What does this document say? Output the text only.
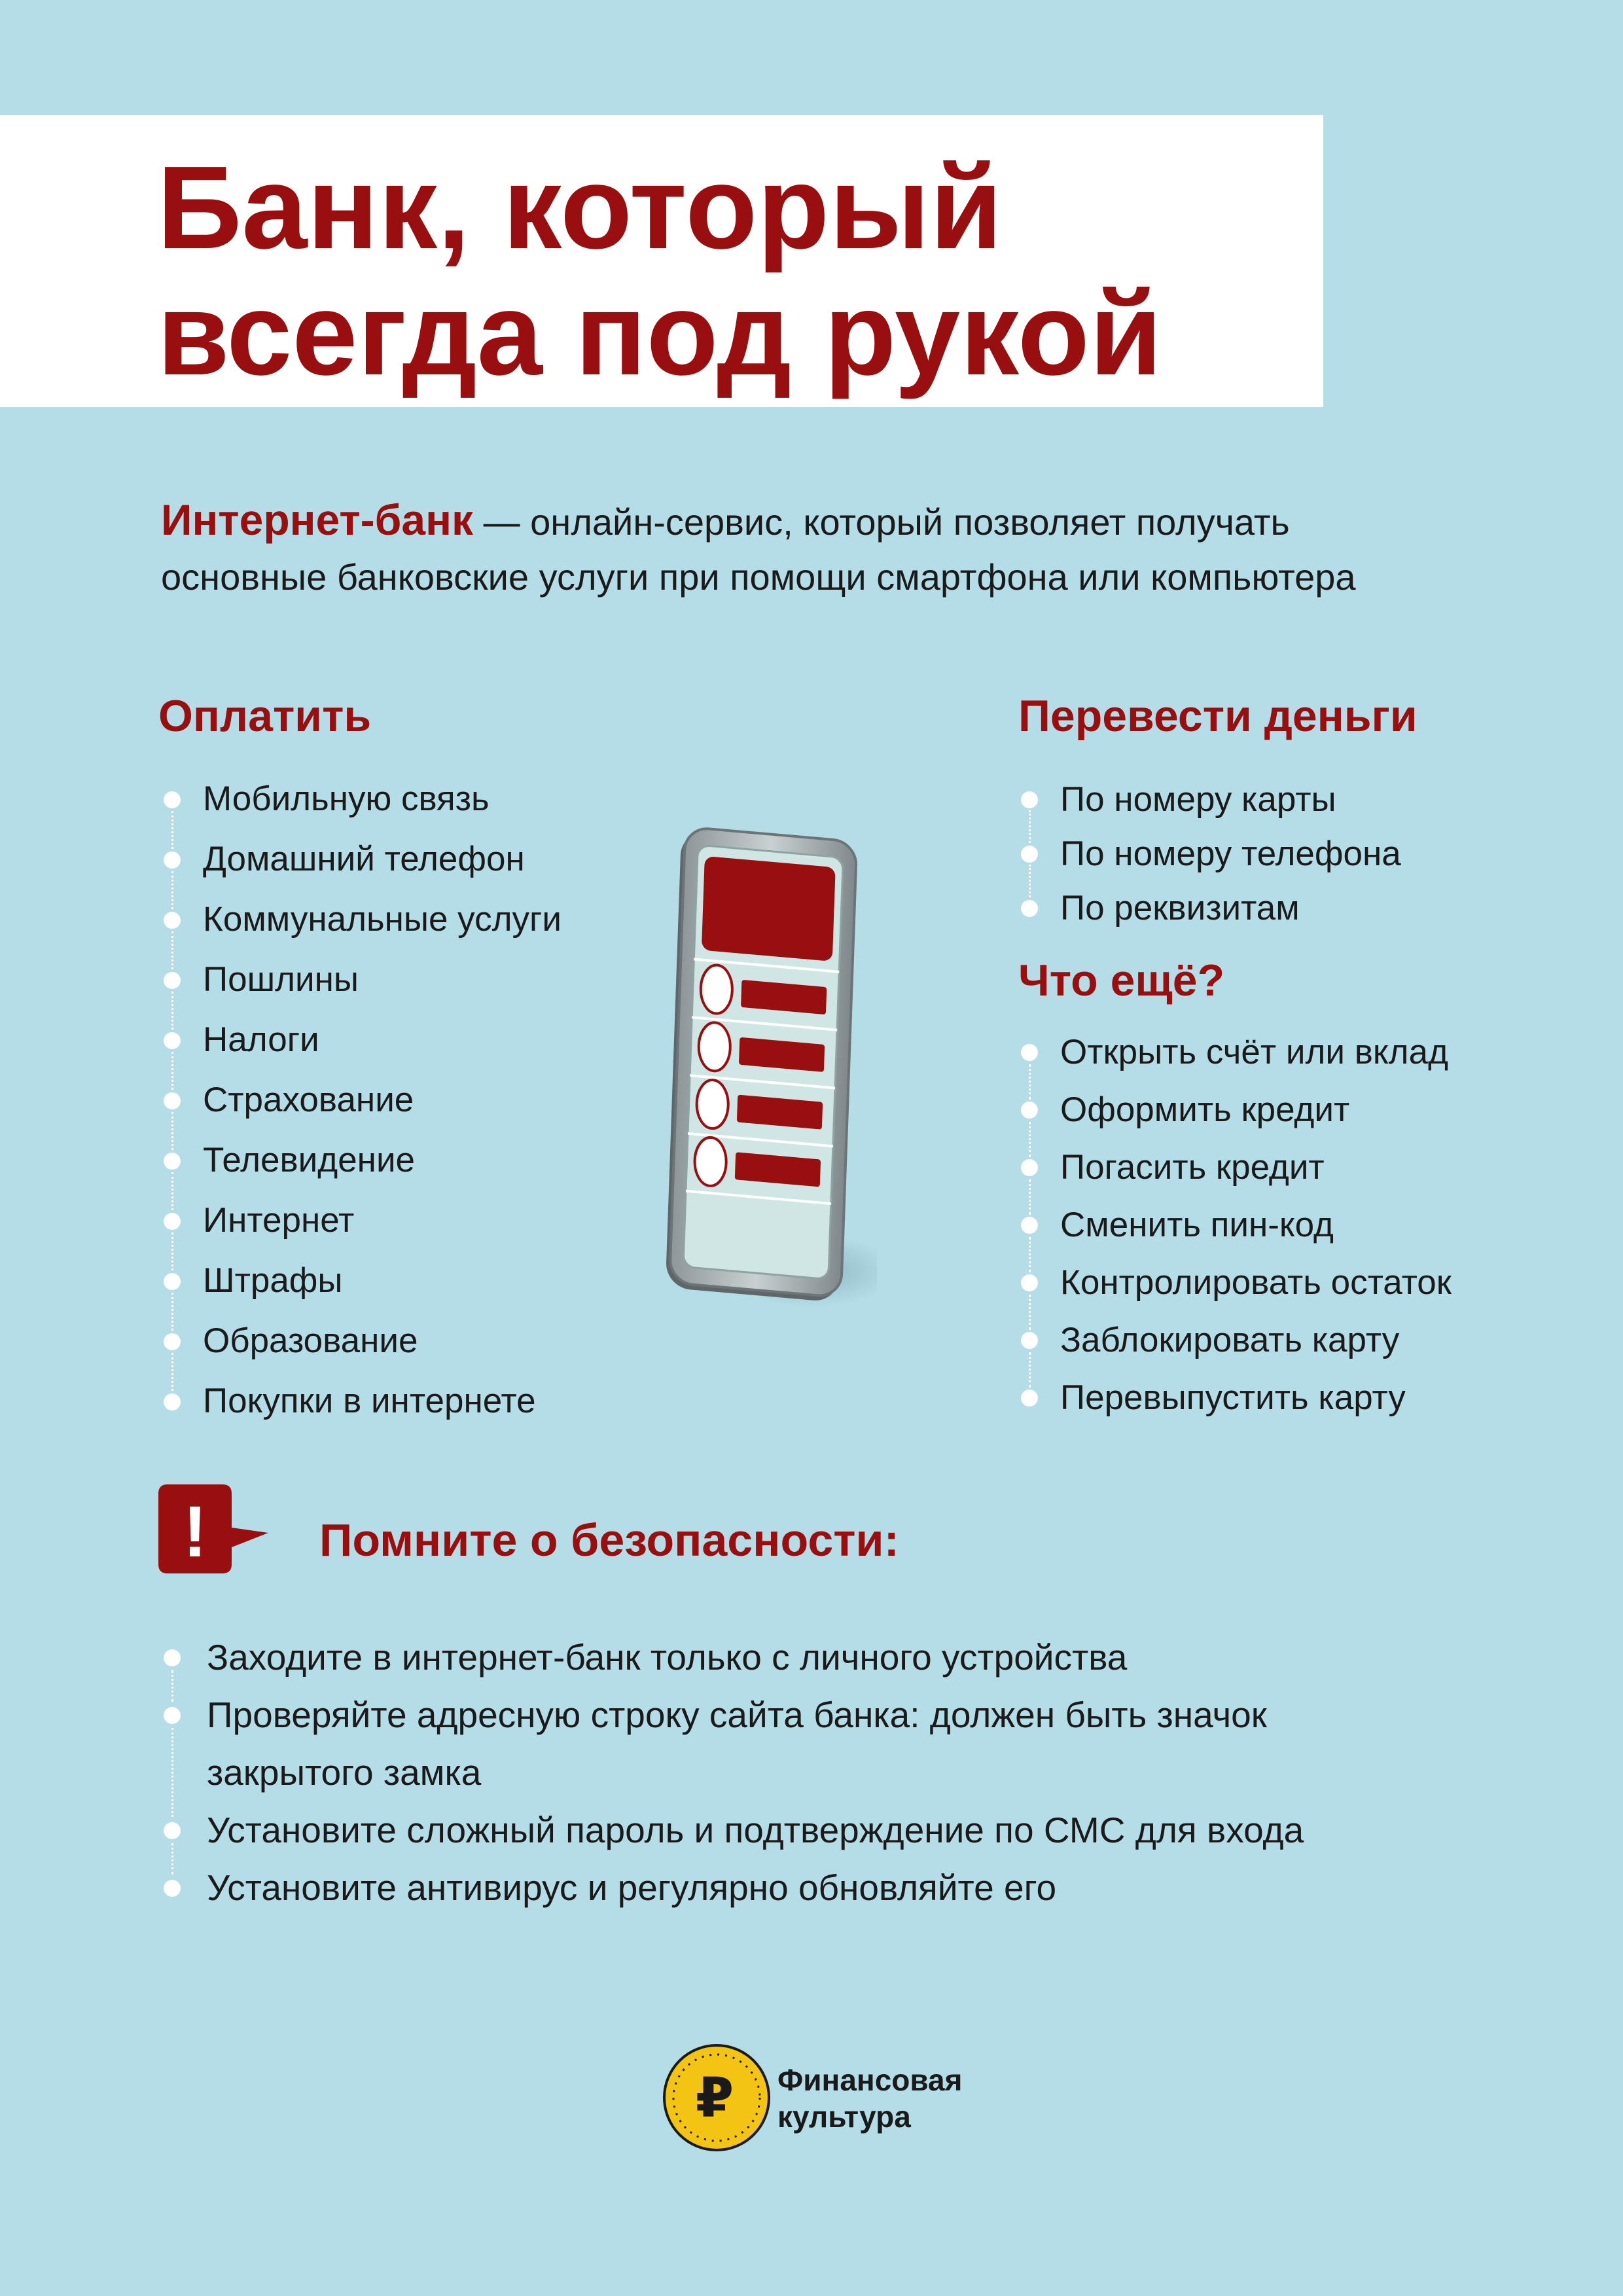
Банк, который
всегда под рукой
Интернет-банк — онлайн-сервис, который позволяет получать
основные банковские услуги при помощи смартфона или компьютера
Оплатить
Мобильную связь
Домашний телефон
Коммунальные услуги
Пошлины
Налоги
Страхование
Телевидение
Интернет
Штрафы
Образование
Покупки в интернете
Перевести деньги
По номеру карты
По номеру телефона
По реквизитам
Что ещё?
Открыть счёт или вклад
Оформить кредит
Погасить кредит
Сменить пин-код
Контролировать остаток
Заблокировать карту
Перевыпустить карту
! Помните о безопасности:
Заходите в интернет-банк только с личного устройства
Проверяйте адресную строку сайта банка: должен быть значок закрытого замка
Установите сложный пароль и подтверждение по СМС для входа
Установите антивирус и регулярно обновляйте его
₽ Финансовая
культура
